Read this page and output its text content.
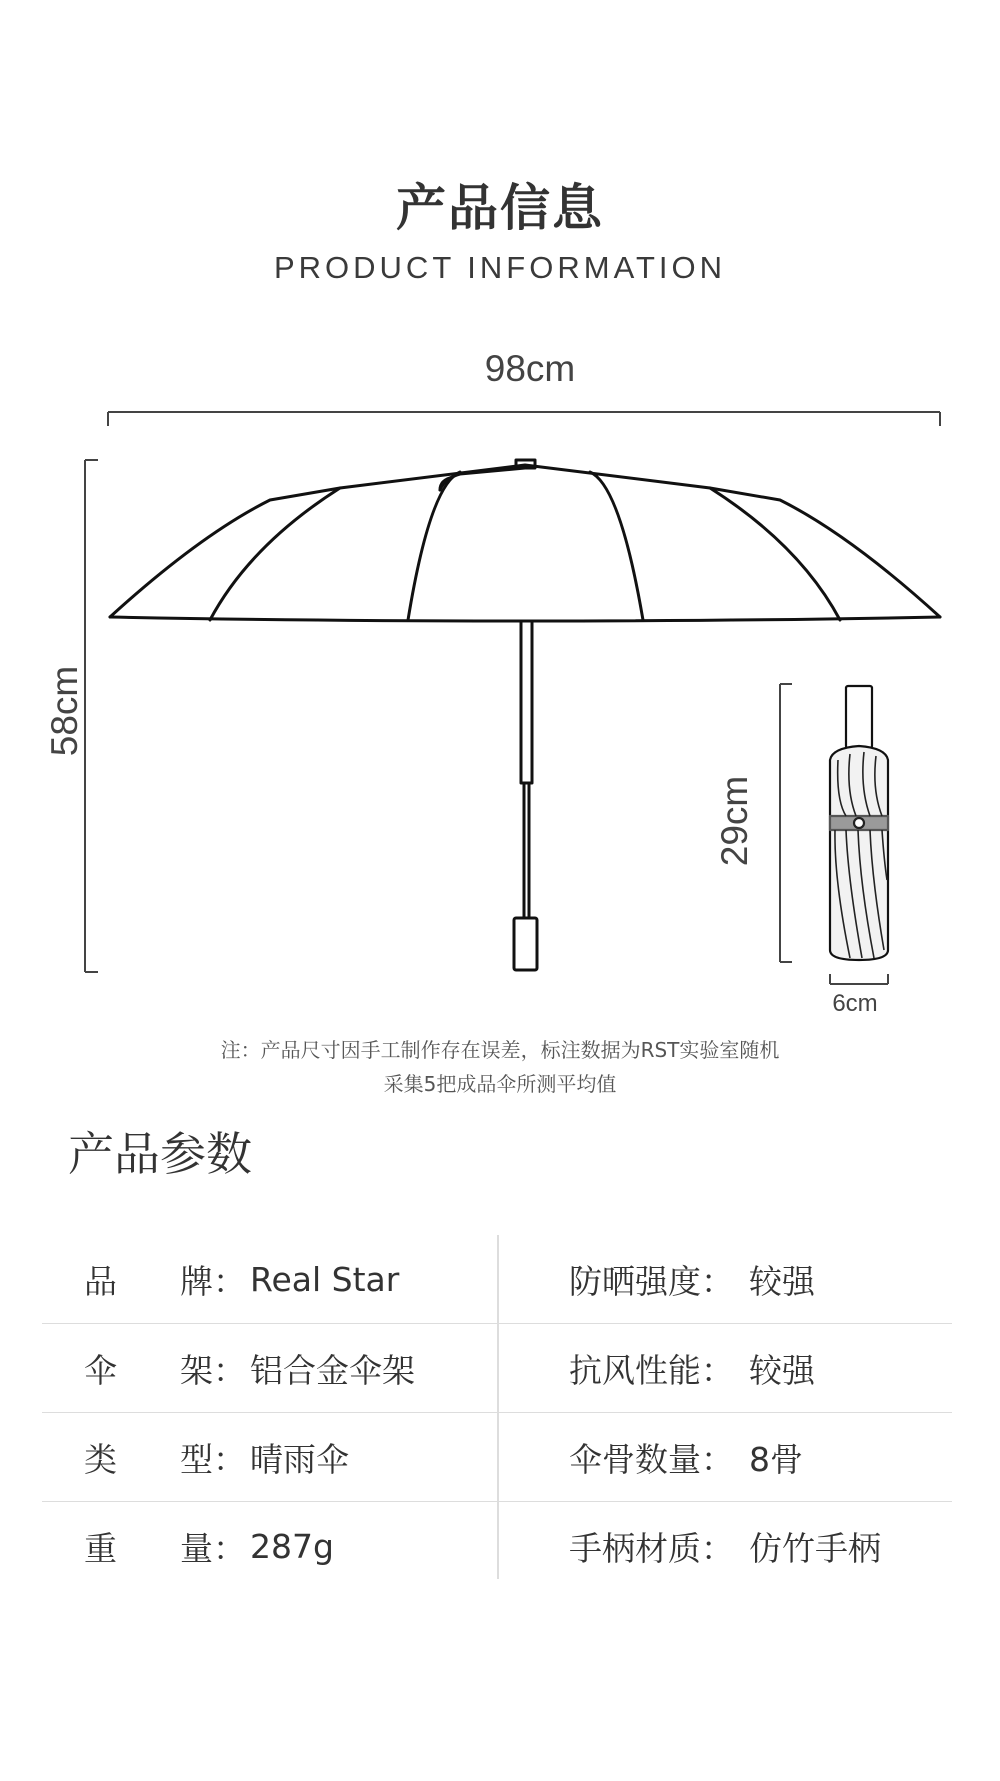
产品信息
PRODUCT INFORMATION
98cm
58cm
29cm
6cm
注：产品尺寸因手工制作存在误差，标注数据为RST实验室随机
采集5把成品伞所测平均值
产品参数
品	牌： Real Star	防晒强度： 较强
伞	架： 铝合金伞架	抗风性能： 较强
类	型： 晴雨伞	伞骨数量： 8骨
重	量： 287g	手柄材质： 仿竹手柄
